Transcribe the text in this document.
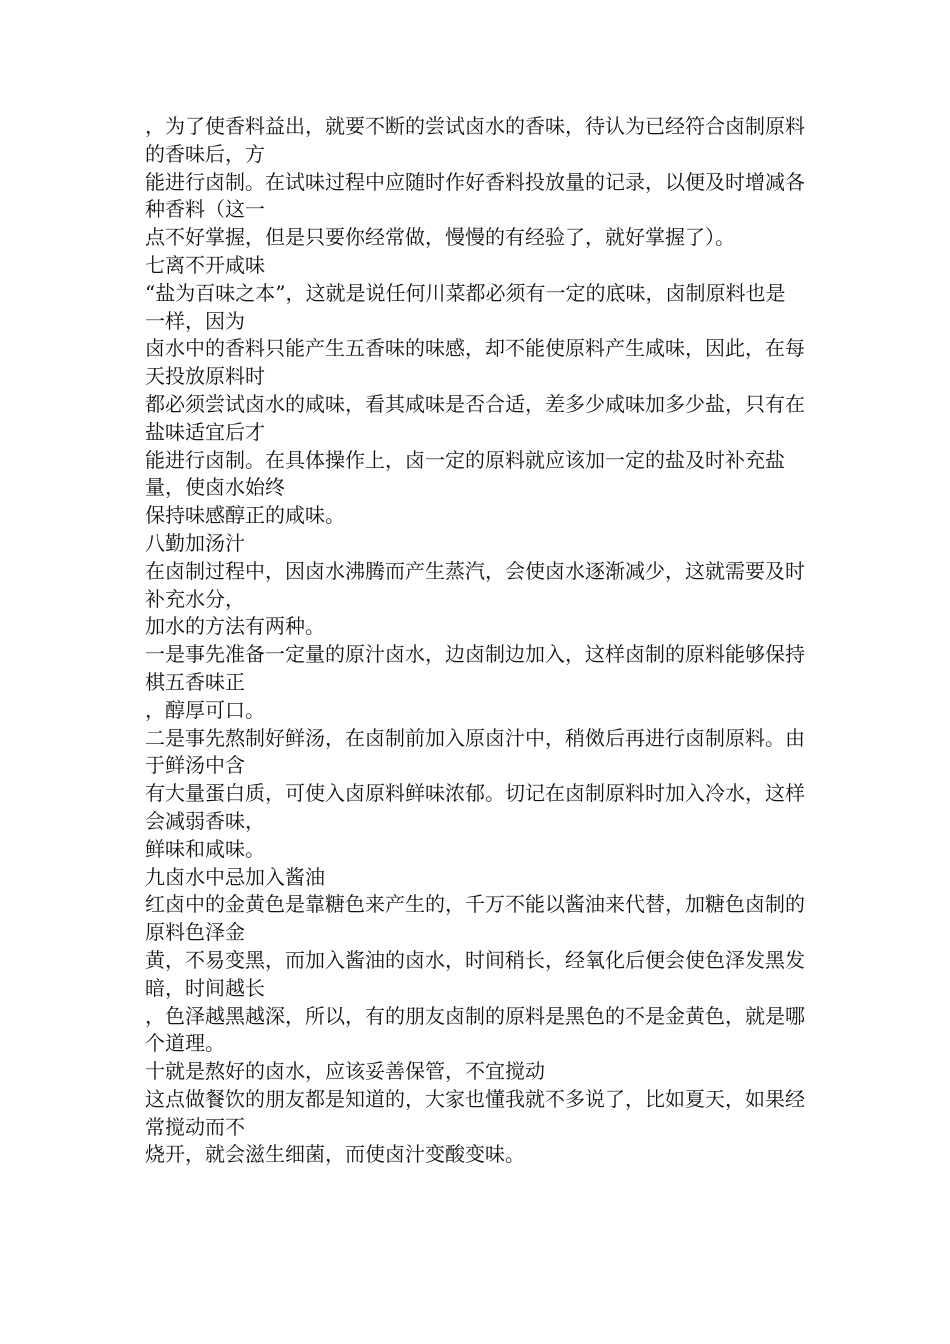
，为了使香料益出，就要不断的尝试卤水的香味，待认为已经符合卤制原料的香味后，方
能进行卤制。在试味过程中应随时作好香料投放量的记录，以便及时增减各种香料（这一
点不好掌握，但是只要你经常做，慢慢的有经验了，就好掌握了）。
七离不开咸味
“盐为百味之本”，这就是说任何川菜都必须有一定的底味，卤制原料也是一样，因为
卤水中的香料只能产生五香味的味感，却不能使原料产生咸味，因此，在每天投放原料时
都必须尝试卤水的咸味，看其咸味是否合适，差多少咸味加多少盐，只有在盐味适宜后才
能进行卤制。在具体操作上，卤一定的原料就应该加一定的盐及时补充盐量，使卤水始终
保持味感醇正的咸味。
八勤加汤汁
在卤制过程中，因卤水沸腾而产生蒸汽，会使卤水逐渐减少，这就需要及时补充水分，
加水的方法有两种。
一是事先准备一定量的原汁卤水，边卤制边加入，这样卤制的原料能够保持棋五香味正
，醇厚可口。
二是事先熬制好鲜汤，在卤制前加入原卤汁中，稍傚后再进行卤制原料。由于鲜汤中含
有大量蛋白质，可使入卤原料鲜味浓郁。切记在卤制原料时加入冷水，这样会减弱香味，
鲜味和咸味。
九卤水中忌加入酱油
红卤中的金黄色是靠糖色来产生的，千万不能以酱油来代替，加糖色卤制的原料色泽金
黄，不易变黑，而加入酱油的卤水，时间稍长，经氧化后便会使色泽发黑发暗，时间越长
，色泽越黑越深，所以，有的朋友卤制的原料是黑色的不是金黄色，就是哪个道理。
十就是熬好的卤水，应该妥善保管，不宜搅动
这点做餐饮的朋友都是知道的，大家也懂我就不多说了，比如夏天，如果经常搅动而不
烧开，就会滋生细菌，而使卤汁变酸变味。
